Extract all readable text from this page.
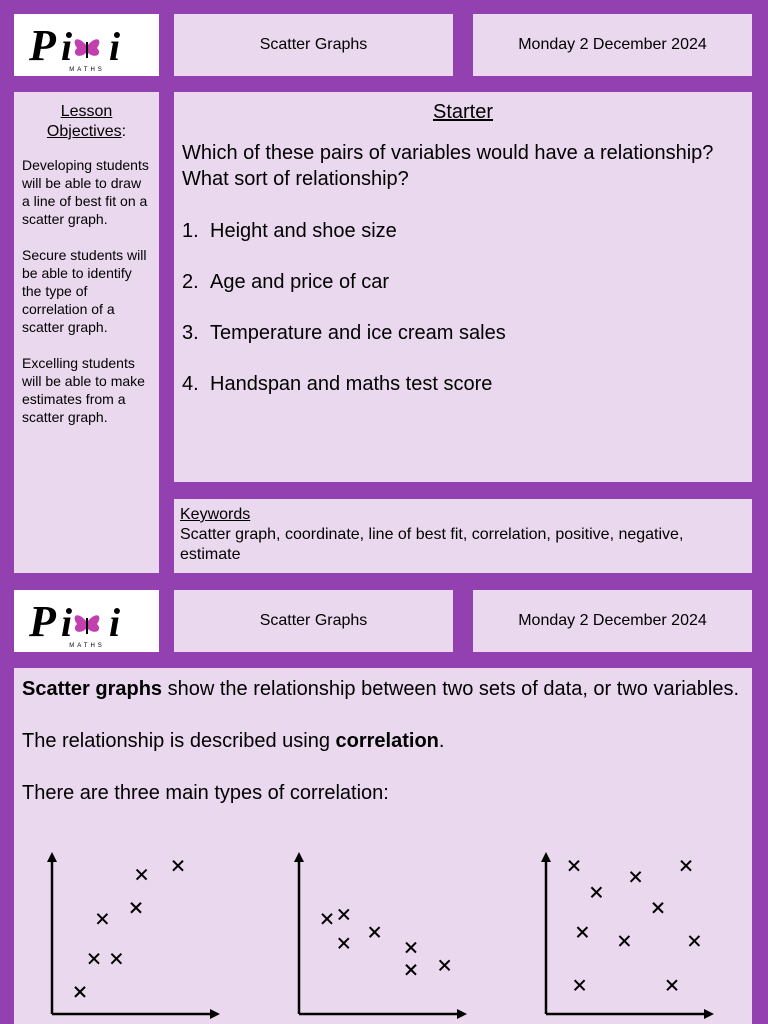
P i i
MATHS
Scatter Graphs	Monday 2 December 2024
Lesson Objectives:

Developing students will be able to draw a line of best fit on a scatter graph.

Secure students will be able to identify the type of correlation of a scatter graph.

Excelling students will be able to make estimates from a scatter graph.

Starter
Which of these pairs of variables would have a relationship? What sort of relationship?
1. Height and shoe size
2. Age and price of car
3. Temperature and ice cream sales
4. Handspan and maths test score
Keywords
Scatter graph, coordinate, line of best fit, correlation, positive, negative, estimate
P i i
MATHS
Scatter Graphs	Monday 2 December 2024

Scatter graphs show the relationship between two sets of data, or two variables.

The relationship is described using correlation.

There are three main types of correlation:
